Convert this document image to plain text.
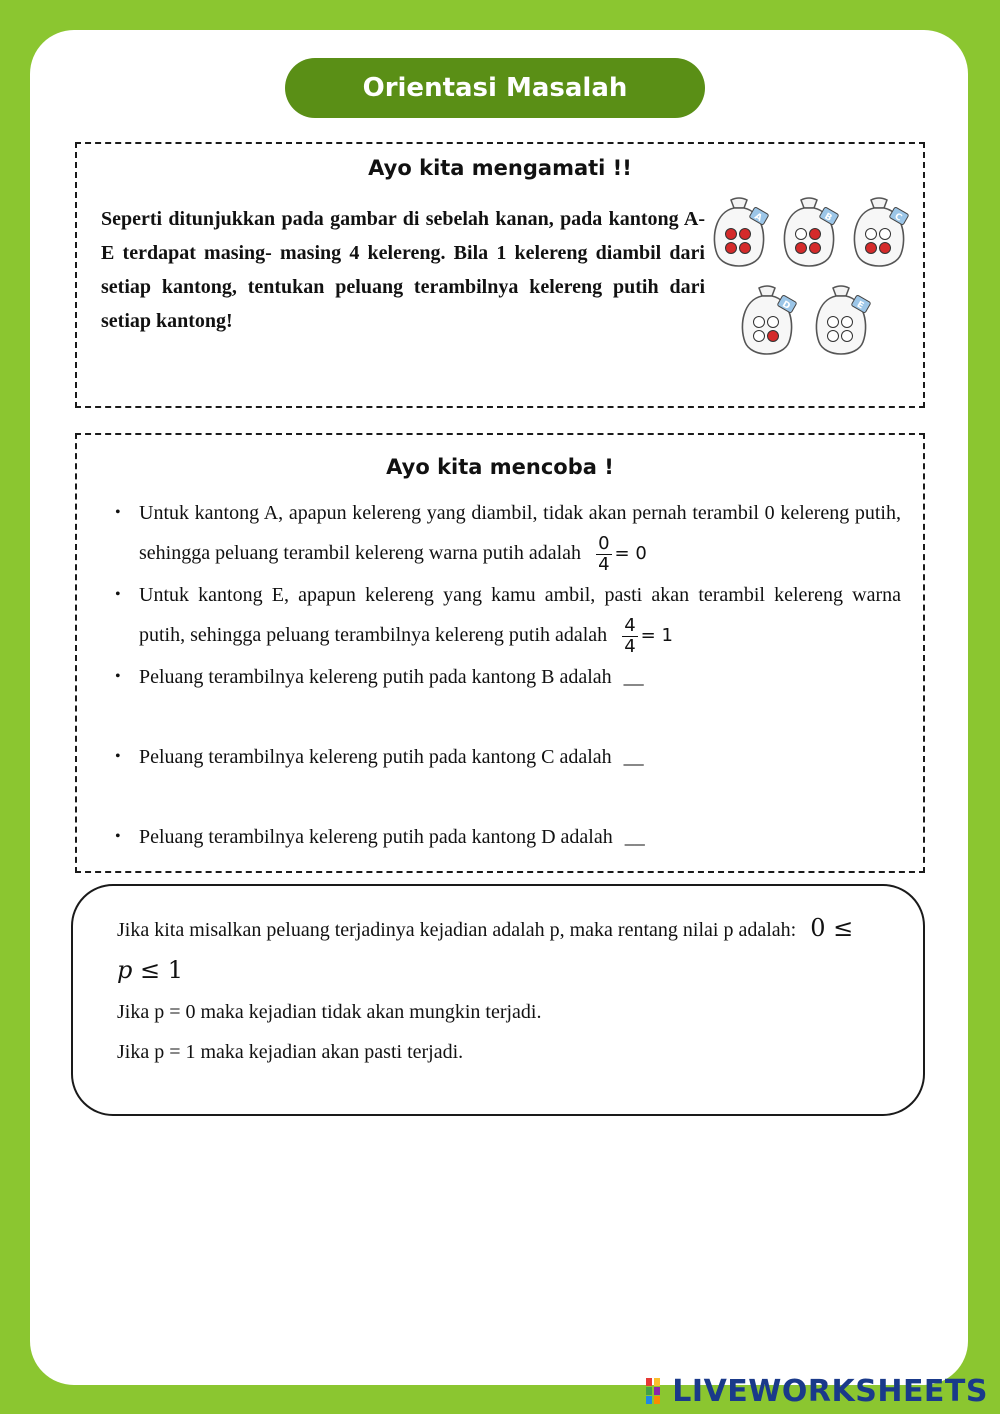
Orientasi Masalah
Ayo kita mengamati !!
Seperti ditunjukkan pada gambar di sebelah kanan, pada kantong A-E terdapat masing- masing 4 kelereng. Bila 1 kelereng diambil dari setiap kantong, tentukan peluang terambilnya kelereng putih dari setiap kantong!
A	B	C
D	E
Ayo kita mencoba !
• Untuk kantong A, apapun kelereng yang diambil, tidak akan pernah terambil 0 kelereng putih, sehingga peluang terambil kelereng warna putih adalah $\frac{0}{4} = 0$
• Untuk kantong E, apapun kelereng yang kamu ambil, pasti akan terambil kelereng warna putih, sehingga peluang terambilnya kelereng putih adalah $\frac{4}{4} = 1$
• Peluang terambilnya kelereng putih pada kantong B adalah __
• Peluang terambilnya kelereng putih pada kantong C adalah __
• Peluang terambilnya kelereng putih pada kantong D adalah __
Jika kita misalkan peluang terjadinya kejadian adalah p, maka rentang nilai p adalah: 0 ≤ p ≤ 1
Jika p = 0 maka kejadian tidak akan mungkin terjadi.
Jika p = 1 maka kejadian akan pasti terjadi.
LIVEWORKSHEETS
